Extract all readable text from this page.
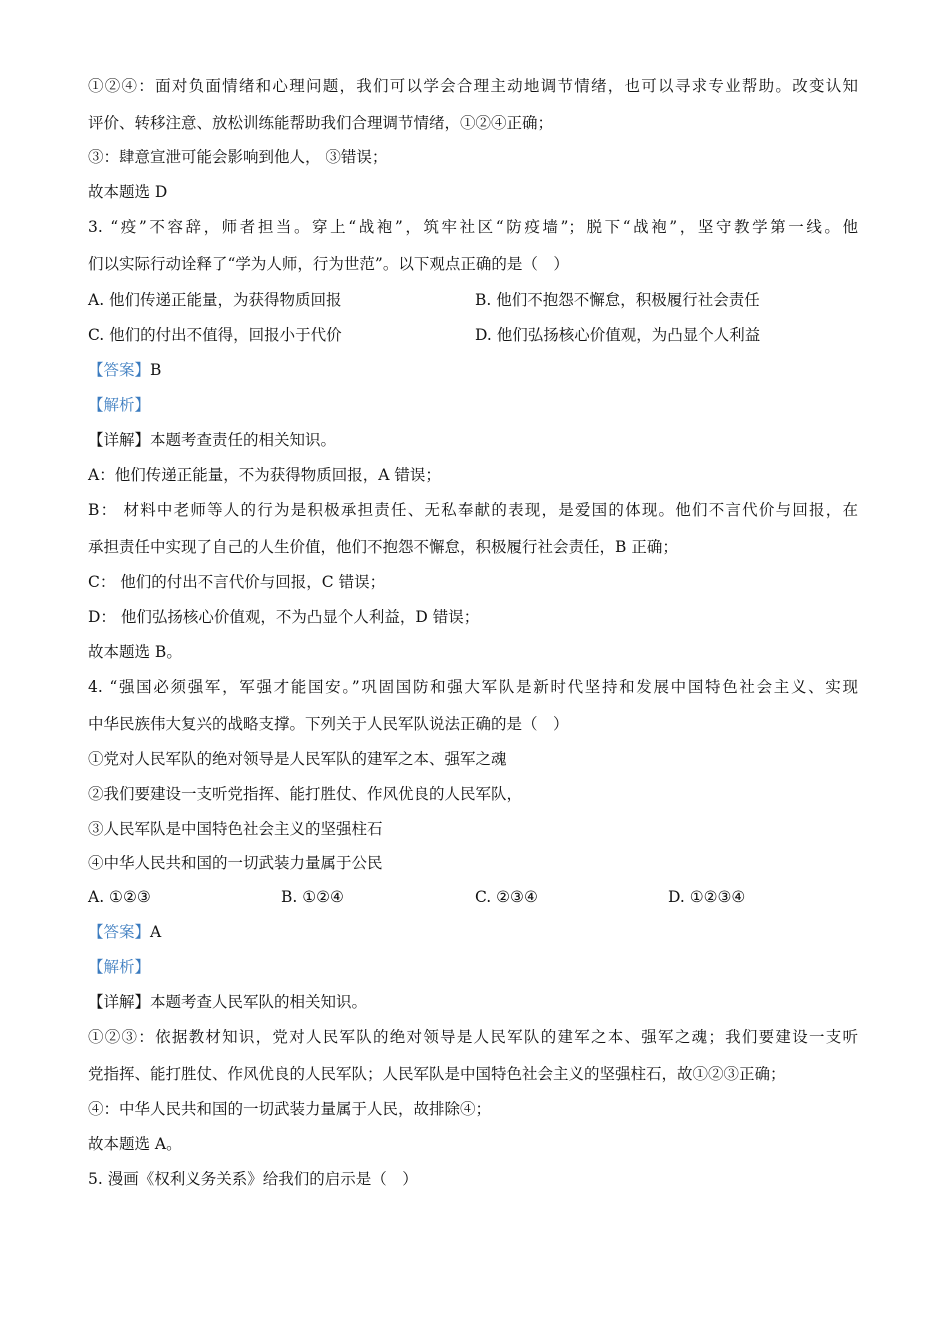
①②④：面对负面情绪和心理问题，我们可以学会合理主动地调节情绪，也可以寻求专业帮助。改变认知
评价、转移注意、放松训练能帮助我们合理调节情绪，①②④正确；
③：肆意宣泄可能会影响到他人， ③错误；
故本题选 D
3. “疫”不容辞，师者担当。穿上“战袍”，筑牢社区“防疫墙”；脱下“战袍”，坚守教学第一线。他
们以实际行动诠释了“学为人师，行为世范”。以下观点正确的是（　）
A. 他们传递正能量，为获得物质回报	B. 他们不抱怨不懈怠，积极履行社会责任
C. 他们的付出不值得，回报小于代价	D. 他们弘扬核心价值观，为凸显个人利益
【答案】B
【解析】
【详解】本题考查责任的相关知识。
A：他们传递正能量，不为获得物质回报，A 错误；
B： 材料中老师等人的行为是积极承担责任、无私奉献的表现，是爱国的体现。他们不言代价与回报，在
承担责任中实现了自己的人生价值，他们不抱怨不懈怠，积极履行社会责任，B 正确；
C： 他们的付出不言代价与回报，C 错误；
D： 他们弘扬核心价值观，不为凸显个人利益，D 错误；
故本题选 B。
4. “强国必须强军，军强才能国安。”巩固国防和强大军队是新时代坚持和发展中国特色社会主义、实现
中华民族伟大复兴的战略支撑。下列关于人民军队说法正确的是（　）
①党对人民军队的绝对领导是人民军队的建军之本、强军之魂
②我们要建设一支听党指挥、能打胜仗、作风优良的人民军队，
③人民军队是中国特色社会主义的坚强柱石
④中华人民共和国的一切武装力量属于公民
A. ①②③	B. ①②④	C. ②③④	D. ①②③④
【答案】A
【解析】
【详解】本题考查人民军队的相关知识。
①②③：依据教材知识，党对人民军队的绝对领导是人民军队的建军之本、强军之魂；我们要建设一支听
党指挥、能打胜仗、作风优良的人民军队；人民军队是中国特色社会主义的坚强柱石，故①②③正确；
④：中华人民共和国的一切武装力量属于人民，故排除④；
故本题选 A。
5. 漫画《权利义务关系》给我们的启示是（　）
